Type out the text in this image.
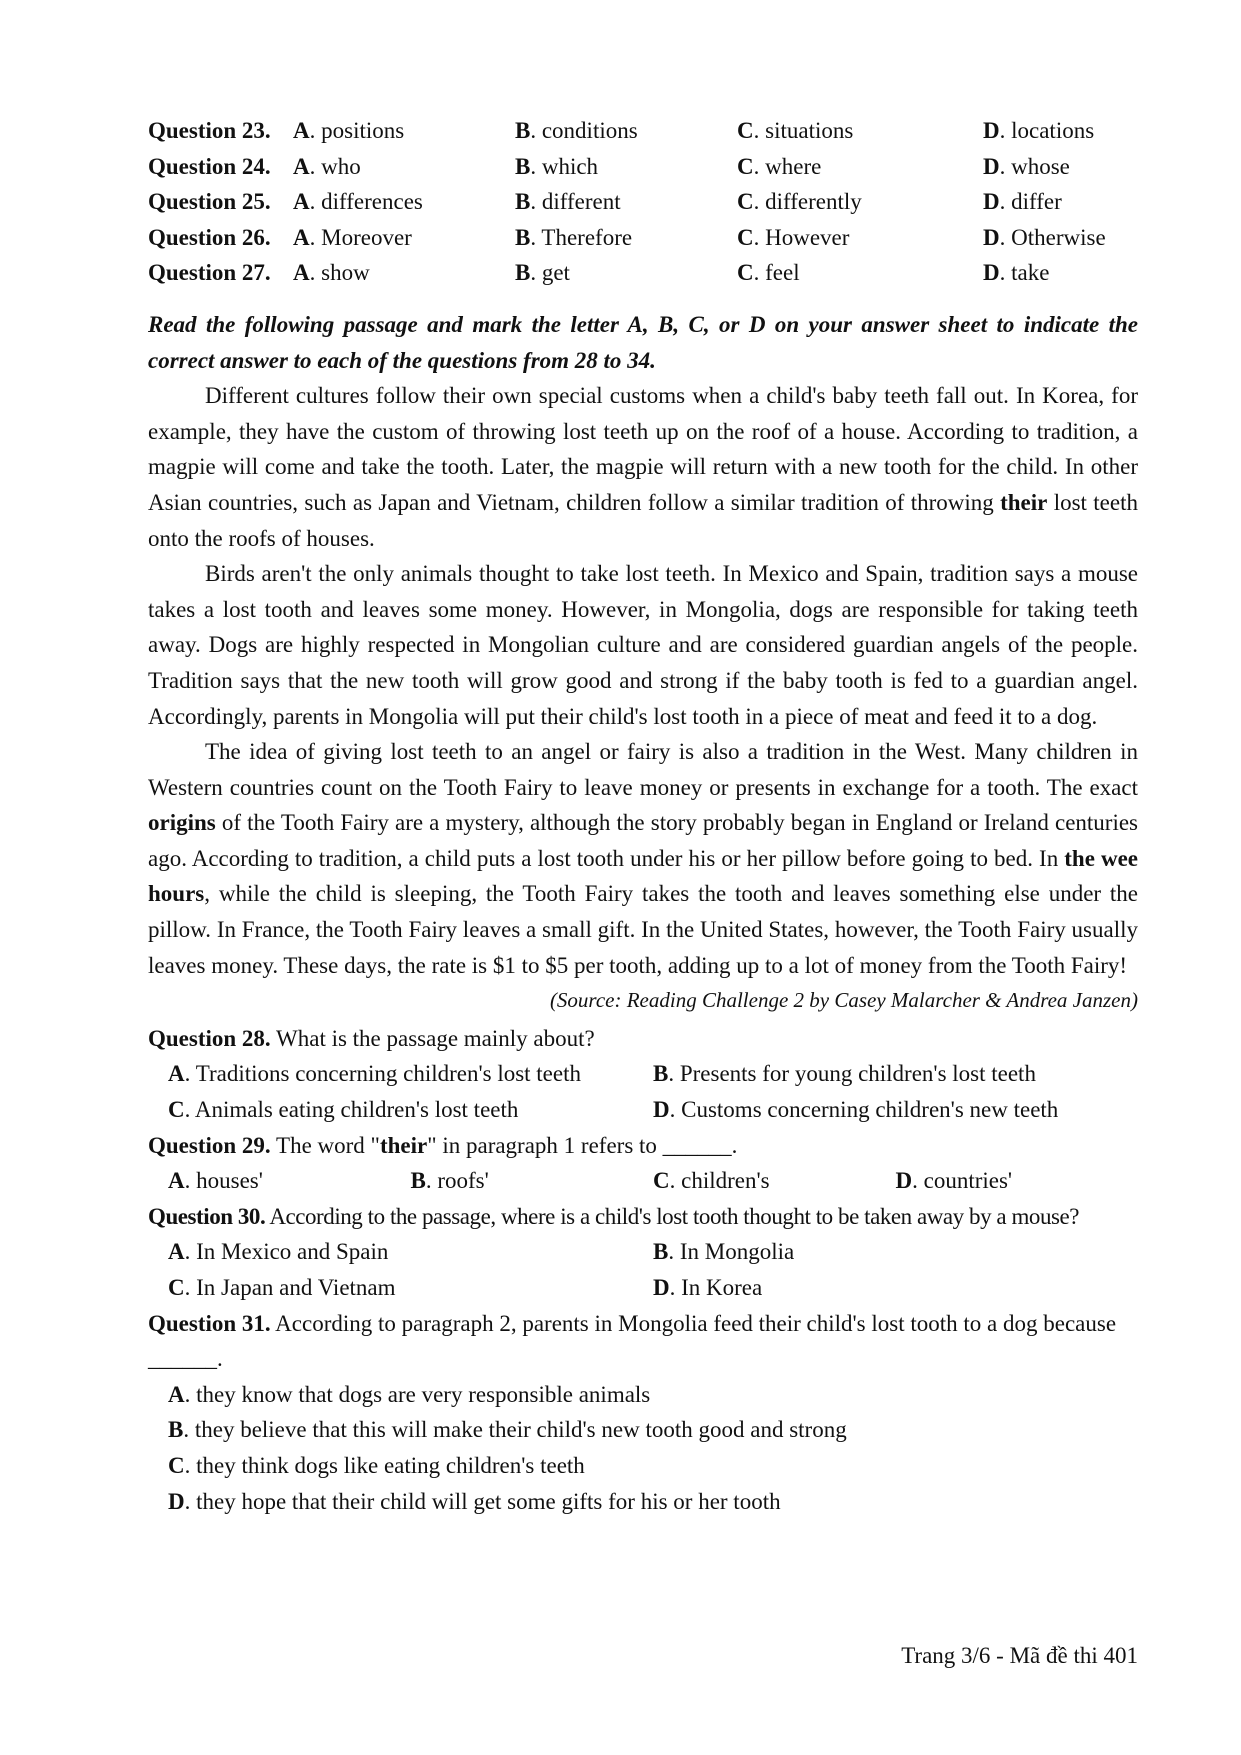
Question 23. A. positions	B. conditions	C. situations	D. locations
Question 24. A. who	B. which	C. where	D. whose
Question 25. A. differences	B. different	C. differently	D. differ
Question 26. A. Moreover	B. Therefore	C. However	D. Otherwise
Question 27. A. show	B. get	C. feel	D. take
Read the following passage and mark the letter A, B, C, or D on your answer sheet to indicate the correct answer to each of the questions from 28 to 34.

Different cultures follow their own special customs when a child's baby teeth fall out. In Korea, for example, they have the custom of throwing lost teeth up on the roof of a house. According to tradition, a magpie will come and take the tooth. Later, the magpie will return with a new tooth for the child. In other Asian countries, such as Japan and Vietnam, children follow a similar tradition of throwing their lost teeth onto the roofs of houses.

Birds aren't the only animals thought to take lost teeth. In Mexico and Spain, tradition says a mouse takes a lost tooth and leaves some money. However, in Mongolia, dogs are responsible for taking teeth away. Dogs are highly respected in Mongolian culture and are considered guardian angels of the people. Tradition says that the new tooth will grow good and strong if the baby tooth is fed to a guardian angel. Accordingly, parents in Mongolia will put their child's lost tooth in a piece of meat and feed it to a dog.

The idea of giving lost teeth to an angel or fairy is also a tradition in the West. Many children in Western countries count on the Tooth Fairy to leave money or presents in exchange for a tooth. The exact origins of the Tooth Fairy are a mystery, although the story probably began in England or Ireland centuries ago. According to tradition, a child puts a lost tooth under his or her pillow before going to bed. In the wee hours, while the child is sleeping, the Tooth Fairy takes the tooth and leaves something else under the pillow. In France, the Tooth Fairy leaves a small gift. In the United States, however, the Tooth Fairy usually leaves money. These days, the rate is $1 to $5 per tooth, adding up to a lot of money from the Tooth Fairy!

(Source: Reading Challenge 2 by Casey Malarcher & Andrea Janzen)
Question 28. What is the passage mainly about?
A. Traditions concerning children's lost teeth	B. Presents for young children's lost teeth
C. Animals eating children's lost teeth	D. Customs concerning children's new teeth
Question 29. The word "their" in paragraph 1 refers to ______.
A. houses'	B. roofs'	C. children's	D. countries'
Question 30. According to the passage, where is a child's lost tooth thought to be taken away by a mouse?
A. In Mexico and Spain	B. In Mongolia
C. In Japan and Vietnam	D. In Korea
Question 31. According to paragraph 2, parents in Mongolia feed their child's lost tooth to a dog because ______.
A. they know that dogs are very responsible animals
B. they believe that this will make their child's new tooth good and strong
C. they think dogs like eating children's teeth
D. they hope that their child will get some gifts for his or her tooth
Trang 3/6 - Mã đề thi 401
